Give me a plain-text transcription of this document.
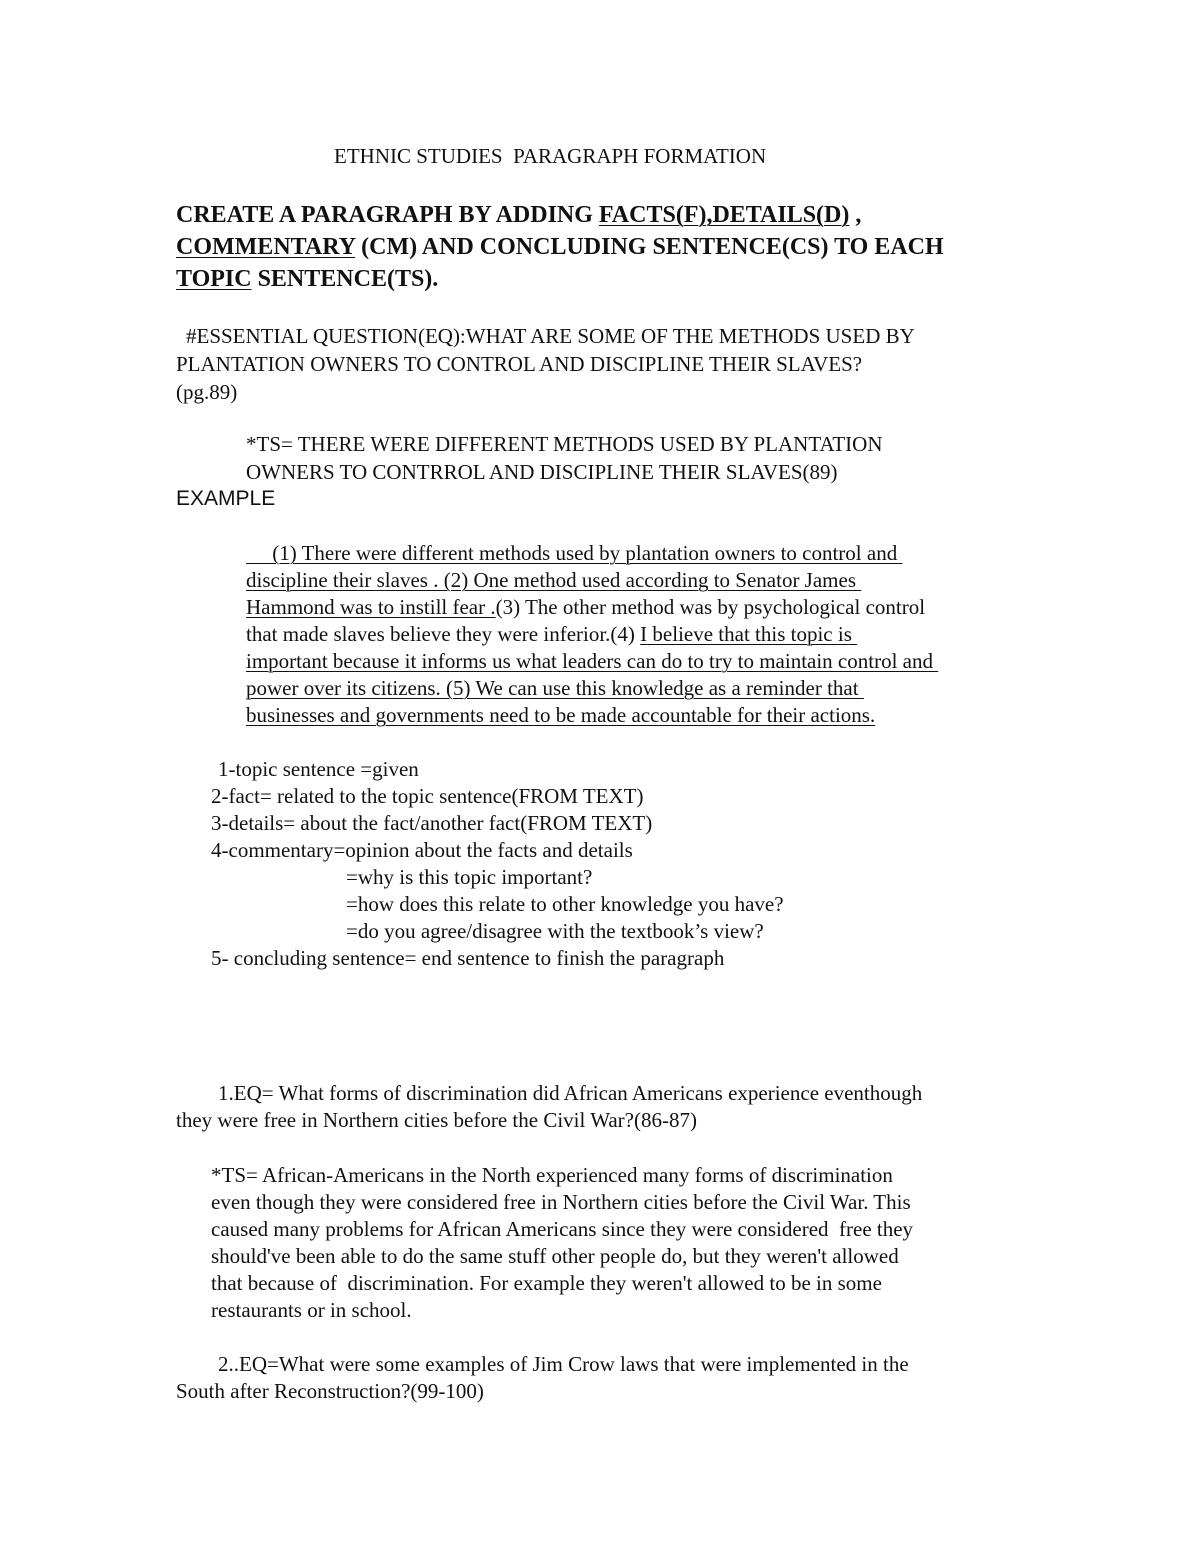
ETHNIC STUDIES  PARAGRAPH FORMATION
CREATE A PARAGRAPH BY ADDING FACTS(F),DETAILS(D) ,
COMMENTARY (CM) AND CONCLUDING SENTENCE(CS) TO EACH
TOPIC SENTENCE(TS).
#ESSENTIAL QUESTION(EQ):WHAT ARE SOME OF THE METHODS USED BY
PLANTATION OWNERS TO CONTROL AND DISCIPLINE THEIR SLAVES?
(pg.89)
*TS= THERE WERE DIFFERENT METHODS USED BY PLANTATION
OWNERS TO CONTRROL AND DISCIPLINE THEIR SLAVES(89)
EXAMPLE
(1) There were different methods used by plantation owners to control and
discipline their slaves . (2) One method used according to Senator James
Hammond was to instill fear .(3) The other method was by psychological control
that made slaves believe they were inferior.(4) I believe that this topic is
important because it informs us what leaders can do to try to maintain control and
power over its citizens. (5) We can use this knowledge as a reminder that
businesses and governments need to be made accountable for their actions.
1-topic sentence =given
2-fact= related to the topic sentence(FROM TEXT)
3-details= about the fact/another fact(FROM TEXT)
4-commentary=opinion about the facts and details
=why is this topic important?
=how does this relate to other knowledge you have?
=do you agree/disagree with the textbook’s view?
5- concluding sentence= end sentence to finish the paragraph
1.EQ= What forms of discrimination did African Americans experience eventhough
they were free in Northern cities before the Civil War?(86-87)
*TS= African-Americans in the North experienced many forms of discrimination
even though they were considered free in Northern cities before the Civil War. This
caused many problems for African Americans since they were considered  free they
should've been able to do the same stuff other people do, but they weren't allowed
that because of  discrimination. For example they weren't allowed to be in some
restaurants or in school.
2..EQ=What were some examples of Jim Crow laws that were implemented in the
South after Reconstruction?(99-100)
